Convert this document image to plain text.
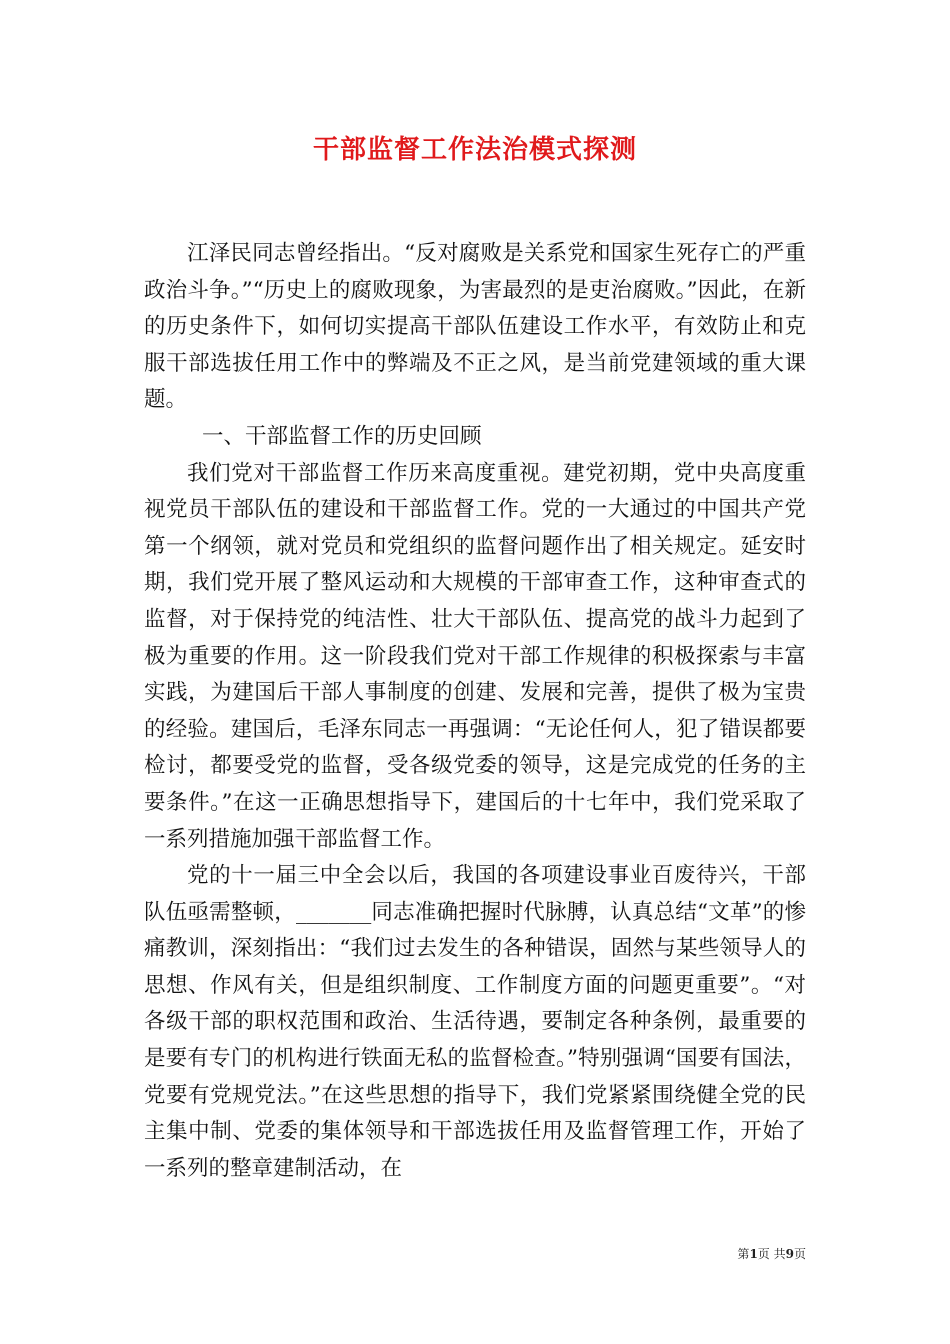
干部监督工作法治模式探测

江泽民同志曾经指出。“反对腐败是关系党和国家生死存亡的严重政治斗争。”“历史上的腐败现象，为害最烈的是吏治腐败。”因此，在新的历史条件下，如何切实提高干部队伍建设工作水平，有效防止和克服干部选拔任用工作中的弊端及不正之风，是当前党建领域的重大课题。

一、干部监督工作的历史回顾

我们党对干部监督工作历来高度重视。建党初期，党中央高度重视党员干部队伍的建设和干部监督工作。党的一大通过的中国共产党第一个纲领，就对党员和党组织的监督问题作出了相关规定。延安时期，我们党开展了整风运动和大规模的干部审查工作，这种审查式的监督，对于保持党的纯洁性、壮大干部队伍、提高党的战斗力起到了极为重要的作用。这一阶段我们党对干部工作规律的积极探索与丰富实践，为建国后干部人事制度的创建、发展和完善，提供了极为宝贵的经验。建国后，毛泽东同志一再强调：“无论任何人，犯了错误都要检讨，都要受党的监督，受各级党委的领导，这是完成党的任务的主要条件。”在这一正确思想指导下，建国后的十七年中，我们党采取了一系列措施加强干部监督工作。

党的十一届三中全会以后，我国的各项建设事业百废待兴，干部队伍亟需整顿，_______同志准确把握时代脉膊，认真总结“文革”的惨痛教训，深刻指出：“我们过去发生的各种错误，固然与某些领导人的思想、作风有关，但是组织制度、工作制度方面的问题更重要”。“对各级干部的职权范围和政治、生活待遇，要制定各种条例，最重要的是要有专门的机构进行铁面无私的监督检查。”特别强调“国要有国法，党要有党规党法。”在这些思想的指导下，我们党紧紧围绕健全党的民主集中制、党委的集体领导和干部选拔任用及监督管理工作，开始了一系列的整章建制活动，在

第1页 共9页
